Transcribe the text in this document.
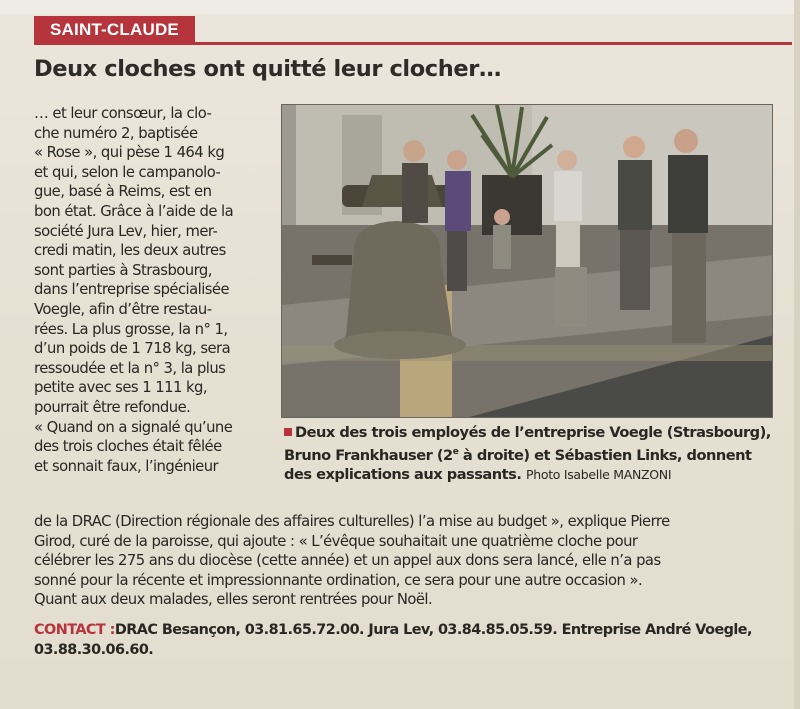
SAINT-CLAUDE
Deux cloches ont quitté leur clocher…

… et leur consœur, la clo-

che numéro 2, baptisée

« Rose », qui pèse 1 464 kg

et qui, selon le campanolo-

gue, basé à Reims, est en

bon état. Grâce à l’aide de la

société Jura Lev, hier, mer-

credi matin, les deux autres

sont parties à Strasbourg,

dans l’entreprise spécialisée

Voegle, afin d’être restau-

rées. La plus grosse, la n° 1,

d’un poids de 1 718 kg, sera

ressoudée et la n° 3, la plus

petite avec ses 1 111 kg,

pourrait être refondue.

« Quand on a signalé qu’une

des trois cloches était fêlée

et sonnait faux, l’ingénieur

Deux des trois employés de l’entreprise Voegle (Strasbourg),
Bruno Frankhauser (2e à droite) et Sébastien Links, donnent
des explications aux passants. Photo Isabelle MANZONI
de la DRAC (Direction régionale des affaires culturelles) l’a mise au budget », explique Pierre
Girod, curé de la paroisse, qui ajoute : « L’évêque souhaitait une quatrième cloche pour
célébrer les 275 ans du diocèse (cette année) et un appel aux dons sera lancé, elle n’a pas
sonné pour la récente et impressionnante ordination, ce sera pour une autre occasion ».
Quant aux deux malades, elles seront rentrées pour Noël.
CONTACT :DRAC Besançon, 03.81.65.72.00. Jura Lev, 03.84.85.05.59. Entreprise André Voegle,
03.88.30.06.60.
